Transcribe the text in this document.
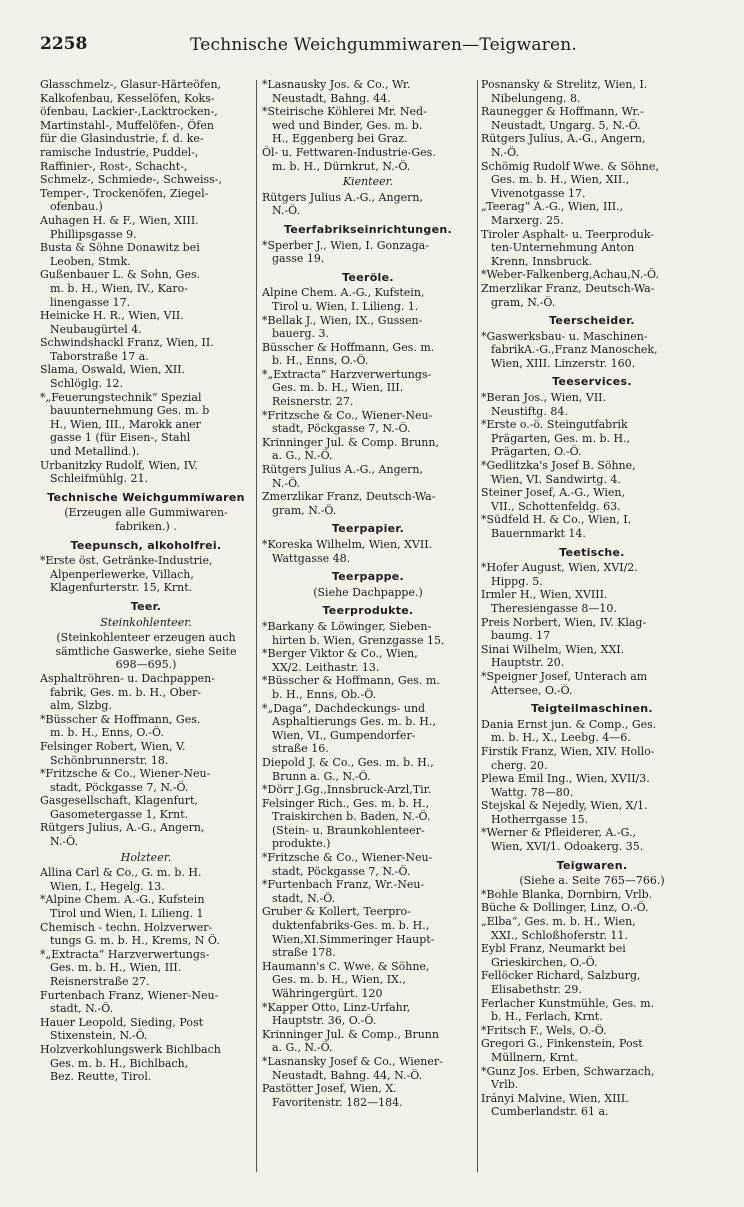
2258	Technische Weichgummiwaren—Teigwaren.
Glasschmelz-, Glasur-Härteöfen,
Kalkofenbau, Kesselöfen, Koks-
öfenbau, Lackier-,Lacktrocken-,
Martinstahl-, Muffelöfen-, Öfen
für die Glasindustrie, f. d. ke-
ramische Industrie, Puddel-,
Raffinier-, Rost-, Schacht-,
Schmelz-, Schmiede-, Schweiss-,
Temper-, Trockenöfen, Ziegel-
ofenbau.)
Auhagen H. & F., Wien, XIII.
Phillipsgasse 9.
Busta & Söhne Donawitz bei
Leoben, Stmk.
Gußenbauer L. & Sohn, Ges.
m. b. H., Wien, IV., Karo-
linengasse 17.
Heinicke H. R., Wien, VII.
Neubaugürtel 4.
Schwindshackl Franz, Wien, II.
Taborstraße 17 a.
Slama, Oswald, Wien, XII.
Schlöglg. 12.
*„Feuerungstechnik“ Spezial
bauunternehmung Ges. m. b
H., Wien, III., Marokk aner
gasse 1 (für Eisen-, Stahl
und Metallind.).
Urbanitzky Rudolf, Wien, IV.
Schleifmühlg. 21.
Technische Weichgummiwaren
(Erzeugen alle Gummiwaren-
fabriken.) .
Teepunsch, alkoholfrei.
*Erste öst. Getränke-Industrie,
Alpenperlewerke, Villach,
Klagenfurterstr. 15, Krnt.
Teer.
Steinkohlenteer.
(Steinkohlenteer erzeugen auch
sämtliche Gaswerke, siehe Seite
698—695.)
Asphaltröhren- u. Dachpappen-
fabrik, Ges. m. b. H., Ober-
alm, Slzbg.
*Büsscher & Hoffmann, Ges.
m. b. H., Enns, O.-Ö.
Felsinger Robert, Wien, V.
Schönbrunnerstr. 18.
*Fritzsche & Co., Wiener-Neu-
stadt, Pöckgasse 7, N.-Ö.
Gasgesellschaft, Klagenfurt,
Gasometergasse 1, Krnt.
Rütgers Julius, A.-G., Angern,
N.-Ö.
Holzteer.
Allina Carl & Co., G. m. b. H.
Wien, I., Hegelg. 13.
*Alpine Chem. A.-G., Kufstein
Tirol und Wien, I. Lilieng. 1
Chemisch - techn. Holzverwer-
tungs G. m. b. H., Krems, N Ö.
*„Extracta“ Harzverwertungs-
Ges. m. b. H., Wien, III.
Reisnerstraße 27.
Furtenbach Franz, Wiener-Neu-
stadt, N.-Ö.
Hauer Leopold, Sieding, Post
Stixenstein, N.-Ö.
Holzverkohlungswerk Bichlbach
Ges. m. b. H., Bichlbach,
Bez. Reutte, Tirol.
*Lasnausky Jos. & Co., Wr.
Neustadt, Bahng. 44.
*Steirische Köhlerei Mr. Ned-
wed und Binder, Ges. m. b.
H., Eggenberg bei Graz.
Öl- u. Fettwaren-Industrie-Ges.
m. b. H., Dürnkrut, N.-Ö.
Kienteer.
Rütgers Julius A.-G., Angern,
N.-Ö.
Teerfabrikseinrichtungen.
*Sperber J., Wien, I. Gonzaga-
gasse 19.
Teeröle.
Alpine Chem. A.-G., Kufstein,
Tirol u. Wien, I. Lilieng. 1.
*Bellak J., Wien, IX., Gussen-
bauerg. 3.
Büsscher & Hoffmann, Ges. m.
b. H., Enns, O.-Ö.
*„Extracta“ Harzverwertungs-
Ges. m. b. H., Wien, III.
Reisnerstr. 27.
*Fritzsche & Co., Wiener-Neu-
stadt, Pöckgasse 7, N.-Ö.
Krinninger Jul. & Comp. Brunn,
a. G., N.-Ö.
Rütgers Julius A.-G., Angern,
N.-Ö.
Zmerzlikar Franz, Deutsch-Wa-
gram, N.-Ö.
Teerpapier.
*Koreska Wilhelm, Wien, XVII.
Wattgasse 48.
Teerpappe.
(Siehe Dachpappe.)
Teerprodukte.
*Barkany & Löwinger, Sieben-
hirten b. Wien, Grenzgasse 15.
*Berger Viktor & Co., Wien,
XX/2. Leithastr. 13.
*Büsscher & Hoffmann, Ges. m.
b. H., Enns, Ob.-Ö.
*„Daga“, Dachdeckungs- und
Asphaltierungs Ges. m. b. H.,
Wien, VI., Gumpendorfer-
straße 16.
Diepold J. & Co., Ges. m. b. H.,
Brunn a. G., N.-Ö.
*Dörr J.Gg.,Innsbruck-Arzl,Tir.
Felsinger Rich., Ges. m. b. H.,
Traiskirchen b. Baden, N.-Ö.
(Stein- u. Braunkohlenteer-
produkte.)
*Fritzsche & Co., Wiener-Neu-
stadt, Pöckgasse 7, N.-Ö.
*Furtenbach Franz, Wr.-Neu-
stadt, N.-Ö.
Gruber & Kollert, Teerpro-
duktenfabriks-Ges. m. b. H.,
Wien,XI.Simmeringer Haupt-
straße 178.
Haumann's C. Wwe. & Söhne,
Ges. m. b. H., Wien, IX.,
Währingergürt. 120
*Kapper Otto, Linz-Urfahr,
Hauptstr. 36, O.-Ö.
Krinninger Jul. & Comp., Brunn
a. G., N.-Ö.
*Lasnansky Josef & Co., Wiener-
Neustadt, Bahng. 44, N.-Ö.
Pastötter Josef, Wien, X.
Favoritenstr. 182—184.
Posnansky & Strelitz, Wien, I.
Nibelungeng. 8.
Raunegger & Hoffmann, Wr.-
Neustadt, Ungarg. 5, N.-Ö.
Rütgers Julius, A.-G., Angern,
N.-Ö.
Schömig Rudolf Wwe. & Söhne,
Ges. m. b. H., Wien, XII.,
Vivenotgasse 17.
„Teerag“ A.-G., Wien, III.,
Marxerg. 25.
Tiroler Asphalt- u. Teerproduk-
ten-Unternehmung Anton
Krenn, Innsbruck.
*Weber-Falkenberg,Achau,N.-Ö.
Zmerzlikar Franz, Deutsch-Wa-
gram, N.-Ö.
Teerscheider.
*Gaswerksbau- u. Maschinen-
fabrikA.-G.,Franz Manoschek,
Wien, XIII. Linzerstr. 160.
Teeservices.
*Beran Jos., Wien, VII.
Neustiftg. 84.
*Erste o.-ö. Steingutfabrik
Prägarten, Ges. m. b. H.,
Prägarten, O.-Ö.
*Gedlitzka's Josef B. Söhne,
Wien, VI. Sandwirtg. 4.
Steiner Josef, A.-G., Wien,
VII., Schottenfeldg. 63.
*Südfeld H. & Co., Wien, I.
Bauernmarkt 14.
Teetische.
*Hofer August, Wien, XVI/2.
Hippg. 5.
Irmler H., Wien, XVIII.
Theresiengasse 8—10.
Preis Norbert, Wien, IV. Klag-
baumg. 17
Sinai Wilhelm, Wien, XXI.
Hauptstr. 20.
*Speigner Josef, Unterach am
Attersee, O.-Ö.
Teigteilmaschinen.
Dania Ernst jun. & Comp., Ges.
m. b. H., X., Leebg. 4—6.
Firstik Franz, Wien, XIV. Hollo-
cherg. 20.
Plewa Emil Ing., Wien, XVII/3.
Wattg. 78—80.
Stejskal & Nejedly, Wien, X/1.
Hotherrgasse 15.
*Werner & Pfleiderer, A.-G.,
Wien, XVI/1. Odoakerg. 35.
Teigwaren.
(Siehe a. Seite 765—766.)
*Bohle Blanka, Dornbirn, Vrlb.
Büche & Dollinger, Linz, O.-Ö.
„Elba“, Ges. m. b. H., Wien,
XXI., Schloßhoferstr. 11.
Eybl Franz, Neumarkt bei
Grieskirchen, O.-Ö.
Fellöcker Richard, Salzburg,
Elisabethstr. 29.
Ferlacher Kunstmühle, Ges. m.
b. H., Ferlach, Krnt.
*Fritsch F., Wels, O.-Ö.
Gregori G., Finkenstein, Post
Müllnern, Krnt.
*Gunz Jos. Erben, Schwarzach,
Vrlb.
Irányi Malvine, Wien, XIII.
Cumberlandstr. 61 a.
